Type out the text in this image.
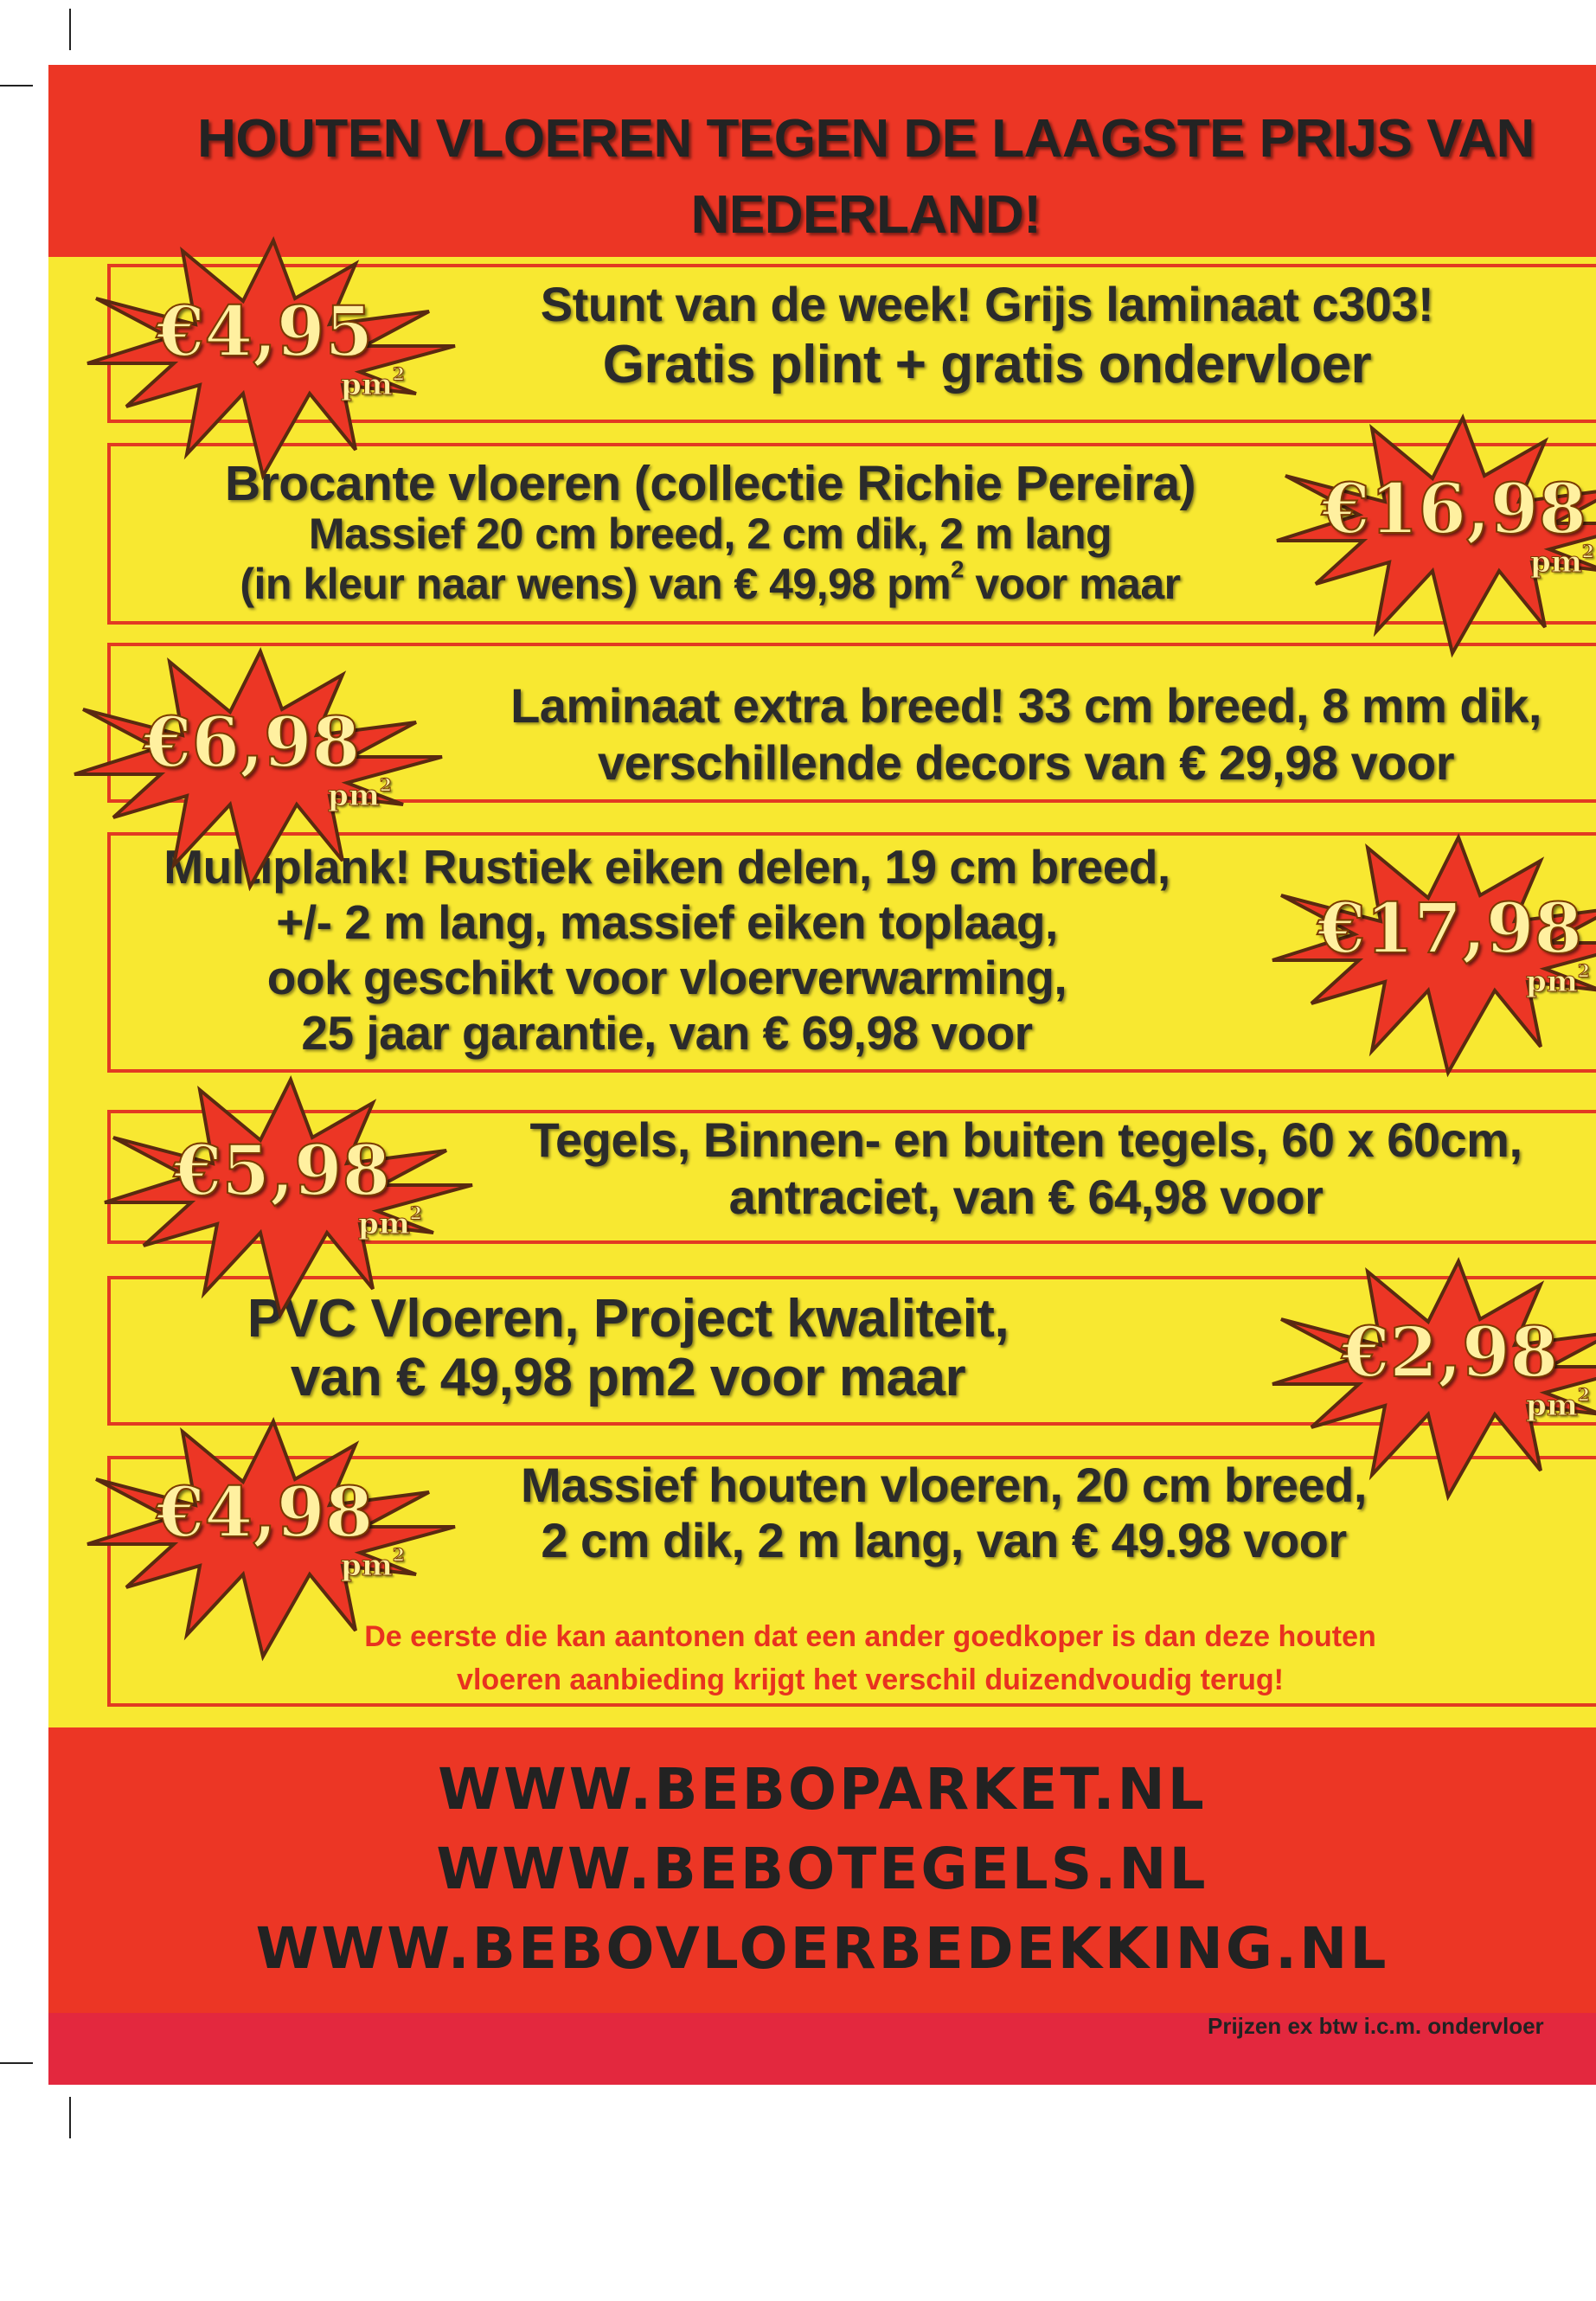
HOUTEN VLOEREN TEGEN DE LAAGSTE PRIJS VAN
NEDERLAND!

Stunt van de week! Grijs laminaat c303!
Gratis plint + gratis ondervloer

Brocante vloeren (collectie Richie Pereira)
Massief 20 cm breed, 2 cm dik, 2 m lang
(in kleur naar wens) van € 49,98 $pm^2$ voor maar

Laminaat extra breed! 33 cm breed, 8 mm dik,
verschillende decors van € 29,98 voor

Multiplank! Rustiek eiken delen, 19 cm breed,
+/- 2 m lang, massief eiken toplaag,
ook geschikt voor vloerverwarming,
25 jaar garantie, van € 69,98 voor

Tegels, Binnen- en buiten tegels, 60 x 60cm,
antraciet, van € 64,98 voor

PVC Vloeren, Project kwaliteit,
van € 49,98 pm2 voor maar

Massief houten vloeren, 20 cm breed,
2 cm dik, 2 m lang, van € 49.98 voor

€4,95
$pm^2$
€16,98
$pm^2$
€6,98
$pm^2$
€17,98
$pm^2$
€5,98
$pm^2$
€2,98
$pm^2$
€4,98
$pm^2$

De eerste die kan aantonen dat een ander goedkoper is dan deze houten
vloeren aanbieding krijgt het verschil duizendvoudig terug!

WWW.BEBOPARKET.NL
WWW.BEBOTEGELS.NL
WWW.BEBOVLOERBEDEKKING.NL
Prijzen ex btw i.c.m. ondervloer
